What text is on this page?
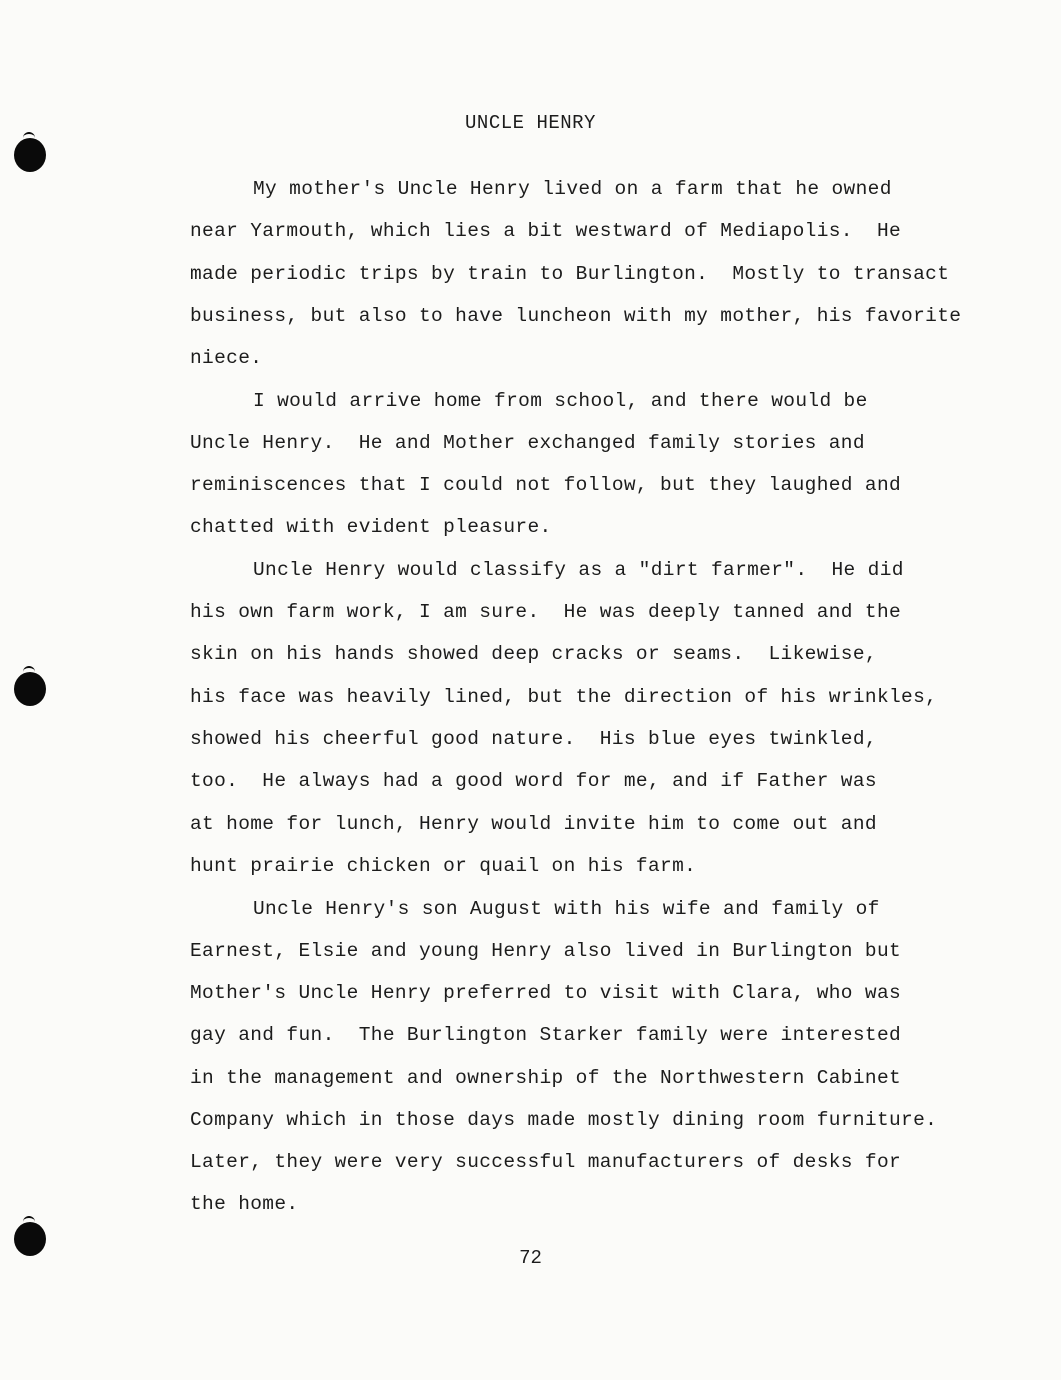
UNCLE HENRY
My mother's Uncle Henry lived on a farm that he owned
near Yarmouth, which lies a bit westward of Mediapolis.  He
made periodic trips by train to Burlington.  Mostly to transact
business, but also to have luncheon with my mother, his favorite
niece.
I would arrive home from school, and there would be
Uncle Henry.  He and Mother exchanged family stories and
reminiscences that I could not follow, but they laughed and
chatted with evident pleasure.
Uncle Henry would classify as a "dirt farmer".  He did
his own farm work, I am sure.  He was deeply tanned and the
skin on his hands showed deep cracks or seams.  Likewise,
his face was heavily lined, but the direction of his wrinkles,
showed his cheerful good nature.  His blue eyes twinkled,
too.  He always had a good word for me, and if Father was
at home for lunch, Henry would invite him to come out and
hunt prairie chicken or quail on his farm.
Uncle Henry's son August with his wife and family of
Earnest, Elsie and young Henry also lived in Burlington but
Mother's Uncle Henry preferred to visit with Clara, who was
gay and fun.  The Burlington Starker family were interested
in the management and ownership of the Northwestern Cabinet
Company which in those days made mostly dining room furniture.
Later, they were very successful manufacturers of desks for
the home.
72
